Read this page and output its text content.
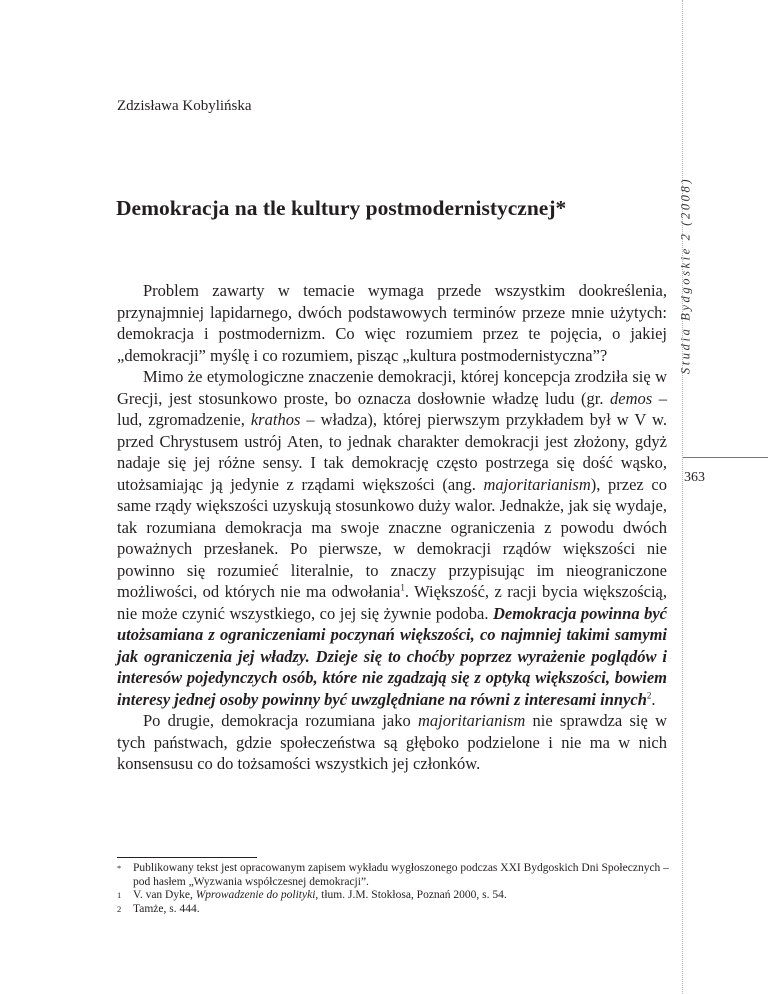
Studia Bydgoskie 2 (2008)
363
Zdzisława Kobylińska
Demokracja na tle kultury postmodernistycznej*

Problem zawarty w temacie wymaga przede wszystkim dookreślenia, przynajmniej lapidarnego, dwóch podstawowych terminów przeze mnie użytych: demokracja i postmodernizm. Co więc rozumiem przez te pojęcia, o jakiej „demokracji” myślę i co rozumiem, pisząc „kultura postmodernistyczna”?

Mimo że etymologiczne znaczenie demokracji, której koncepcja zrodziła się w Grecji, jest stosunkowo proste, bo oznacza dosłownie władzę ludu (gr. demos – lud, zgromadzenie, krathos – władza), której pierwszym przykładem był w V w. przed Chrystusem ustrój Aten, to jednak charakter demokracji jest złożony, gdyż nadaje się jej różne sensy. I tak demokrację często postrzega się dość wąsko, utożsamiając ją jedynie z rządami większości (ang. majoritarianism), przez co same rządy większości uzyskują stosunkowo duży walor. Jednakże, jak się wydaje, tak rozumiana demokracja ma swoje znaczne ograniczenia z powodu dwóch poważnych przesłanek. Po pierwsze, w demokracji rządów większości nie powinno się rozumieć literalnie, to znaczy przypisując im nieograniczone możliwości, od których nie ma odwołania$^1$. Większość, z racji bycia większością, nie może czynić wszystkiego, co jej się żywnie podoba. Demokracja powinna być utożsamiana z ograniczeniami poczynań większości, co najmniej takimi samymi jak ograniczenia jej władzy. Dzieje się to choćby poprzez wyrażenie poglądów i interesów pojedynczych osób, które nie zgadzają się z optyką większości, bowiem interesy jednej osoby powinny być uwzględniane na równi z interesami innych$^2$.

Po drugie, demokracja rozumiana jako majoritarianism nie sprawdza się w tych państwach, gdzie społeczeństwa są głęboko podzielone i nie ma w nich konsensusu co do tożsamości wszystkich jej członków.

*	Publikowany tekst jest opracowanym zapisem wykładu wygłoszonego podczas XXI Bydgoskich Dni Społecznych – pod hasłem „Wyzwania współczesnej demokracji”.
1	V. van Dyke, Wprowadzenie do polityki, tłum. J.M. Stokłosa, Poznań 2000, s. 54.
2	Tamże, s. 444.
